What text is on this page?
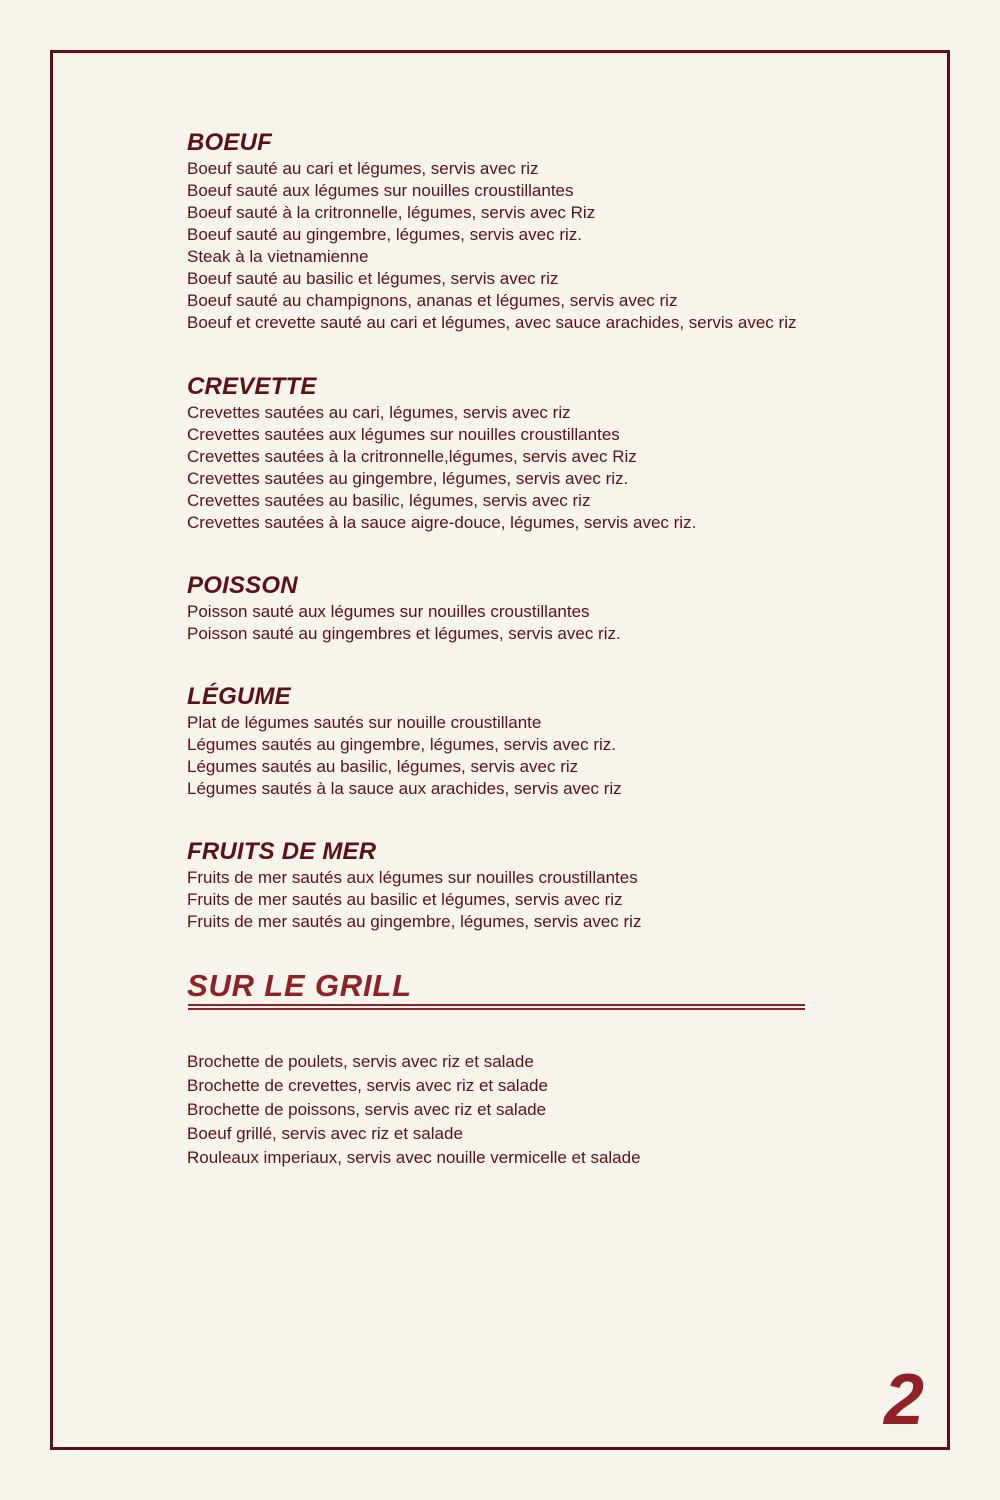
BOEUF

Boeuf sauté au cari et légumes, servis avec riz

Boeuf sauté aux légumes sur nouilles croustillantes

Boeuf sauté à la critronnelle, légumes, servis avec Riz

Boeuf sauté au gingembre, légumes, servis avec riz.

Steak à la vietnamienne

Boeuf sauté au basilic et légumes, servis avec riz

Boeuf sauté au champignons, ananas et légumes, servis avec riz

Boeuf et crevette sauté au cari et légumes, avec sauce arachides, servis avec riz

CREVETTE

Crevettes sautées au cari, légumes, servis avec riz

Crevettes sautées aux légumes sur nouilles croustillantes

Crevettes sautées à la critronnelle,légumes, servis avec Riz

Crevettes sautées au gingembre, légumes, servis avec riz.

Crevettes sautées au basilic, légumes, servis avec riz

Crevettes sautées à la sauce aigre-douce, légumes, servis avec riz.

POISSON

Poisson sauté aux légumes sur nouilles croustillantes

Poisson sauté au gingembres et légumes, servis avec riz.

LÉGUME

Plat de légumes sautés sur nouille croustillante

Légumes sautés au gingembre, légumes, servis avec riz.

Légumes sautés au basilic, légumes, servis avec riz

Légumes sautés à la sauce aux arachides, servis avec riz

FRUITS DE MER

Fruits de mer sautés aux légumes sur nouilles croustillantes

Fruits de mer sautés au basilic et légumes, servis avec riz

Fruits de mer sautés au gingembre, légumes, servis avec riz

SUR LE GRILL

Brochette de poulets, servis avec riz et salade

Brochette de crevettes, servis avec riz et salade

Brochette de poissons, servis avec riz et salade

Boeuf grillé, servis avec riz et salade

Rouleaux imperiaux, servis avec nouille vermicelle et salade

2
